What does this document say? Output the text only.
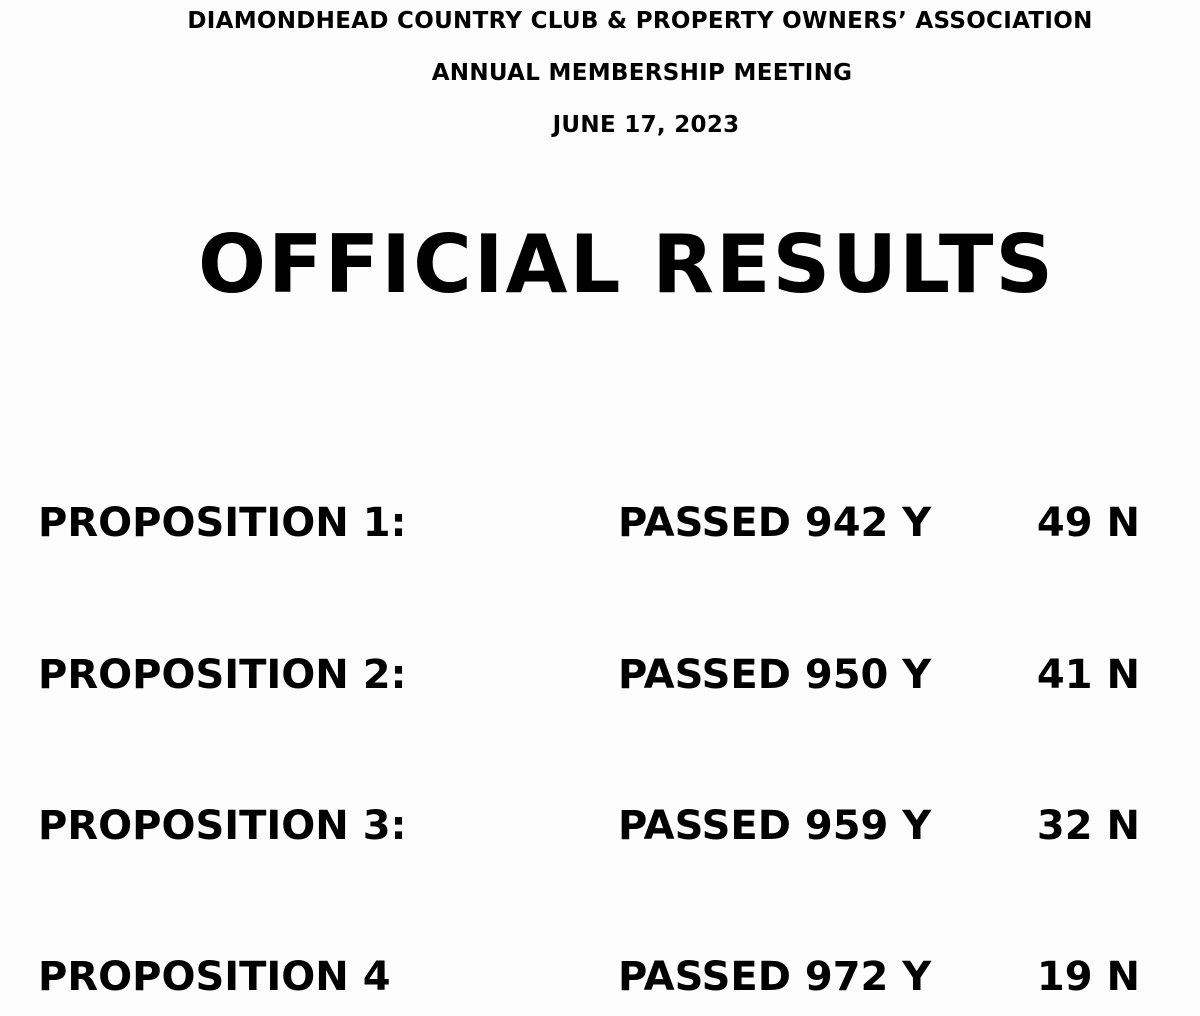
DIAMONDHEAD COUNTRY CLUB & PROPERTY OWNERS’ ASSOCIATION
ANNUAL MEMBERSHIP MEETING
JUNE 17, 2023
OFFICIAL RESULTS
PROPOSITION 1:	PASSED 942 Y	49 N
PROPOSITION 2:	PASSED 950 Y	41 N
PROPOSITION 3:	PASSED 959 Y	32 N
PROPOSITION 4	PASSED 972 Y	19 N
